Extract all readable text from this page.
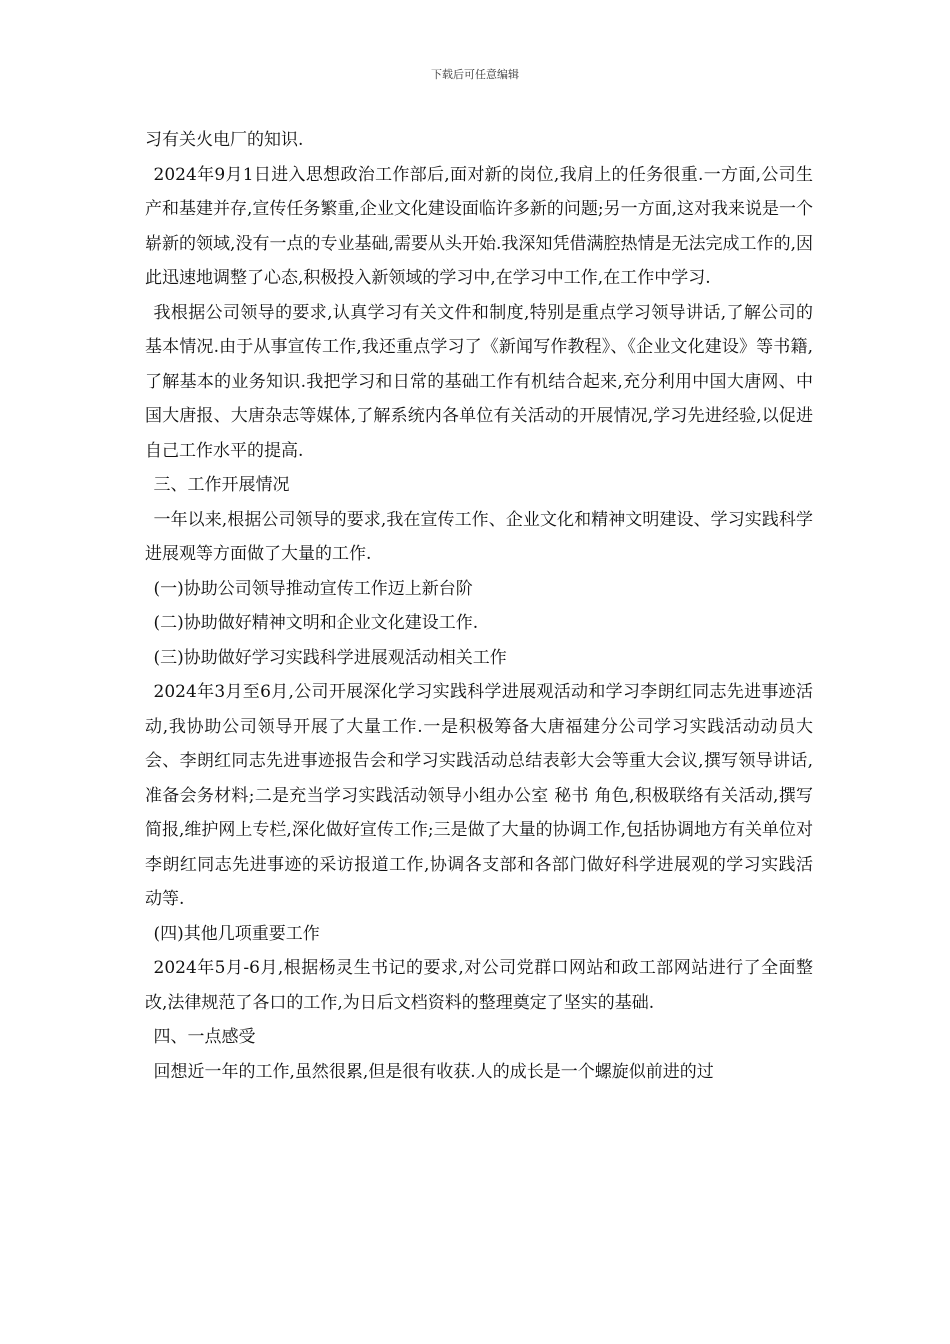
下载后可任意编辑

习有关火电厂的知识.

2024年9月1日进入思想政治工作部后,面对新的岗位,我肩上的任务很重.一方面,公司生产和基建并存,宣传任务繁重,企业文化建设面临许多新的问题;另一方面,这对我来说是一个崭新的领域,没有一点的专业基础,需要从头开始.我深知凭借满腔热情是无法完成工作的,因此迅速地调整了心态,积极投入新领域的学习中,在学习中工作,在工作中学习.

我根据公司领导的要求,认真学习有关文件和制度,特别是重点学习领导讲话,了解公司的基本情况.由于从事宣传工作,我还重点学习了《新闻写作教程》、《企业文化建设》等书籍,了解基本的业务知识.我把学习和日常的基础工作有机结合起来,充分利用中国大唐网、中国大唐报、大唐杂志等媒体,了解系统内各单位有关活动的开展情况,学习先进经验,以促进自己工作水平的提高.

三、工作开展情况

一年以来,根据公司领导的要求,我在宣传工作、企业文化和精神文明建设、学习实践科学进展观等方面做了大量的工作.

(一)协助公司领导推动宣传工作迈上新台阶

(二)协助做好精神文明和企业文化建设工作.

(三)协助做好学习实践科学进展观活动相关工作

2024年3月至6月,公司开展深化学习实践科学进展观活动和学习李朗红同志先进事迹活动,我协助公司领导开展了大量工作.一是积极筹备大唐福建分公司学习实践活动动员大会、李朗红同志先进事迹报告会和学习实践活动总结表彰大会等重大会议,撰写领导讲话,准备会务材料;二是充当学习实践活动领导小组办公室 秘书 角色,积极联络有关活动,撰写简报,维护网上专栏,深化做好宣传工作;三是做了大量的协调工作,包括协调地方有关单位对李朗红同志先进事迹的采访报道工作,协调各支部和各部门做好科学进展观的学习实践活动等.

(四)其他几项重要工作

2024年5月-6月,根据杨灵生书记的要求,对公司党群口网站和政工部网站进行了全面整改,法律规范了各口的工作,为日后文档资料的整理奠定了坚实的基础.

四、一点感受

回想近一年的工作,虽然很累,但是很有收获.人的成长是一个螺旋似前进的过
